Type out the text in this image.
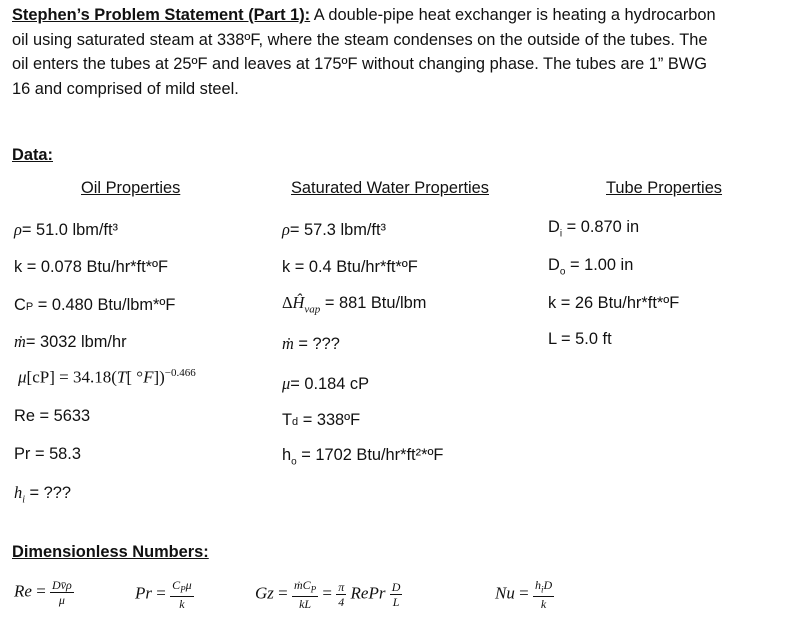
Stephen’s Problem Statement (Part 1): A double-pipe heat exchanger is heating a hydrocarbon
oil using saturated steam at 338ºF, where the steam condenses on the outside of the tubes. The
oil enters the tubes at 25ºF and leaves at 175ºF without changing phase. The tubes are 1” BWG
16 and comprised of mild steel.
Data:
Oil Properties
ρ= 51.0 lbm/ft³
k = 0.078 Btu/hr*ft*ºF
CP = 0.480 Btu/lbm*ºF
ṁ= 3032 lbm/hr
μ[cP] = 34.18(T[ °F])$^{-0.466}$
Re = 5633
Pr = 58.3
$h_i$ = ???
Saturated Water Properties
ρ= 57.3 lbm/ft³
k = 0.4 Btu/hr*ft*ºF
$\Delta Ĥ_{vap} = 881$ Btu/lbm
ṁ = ???
μ= 0.184 cP
Td = 338ºF
$h_o = 1702$ Btu/hr*ft²*ºF
Tube Properties
$D_i = 0.870$ in
$D_o = 1.00$ in
k = 26 Btu/hr*ft*ºF
L = 5.0 ft
Dimensionless Numbers:
$Re = \frac{Dv̄\rho}{\mu}$	$Pr = \frac{C_P\mu}{k}$	$Gz = \frac{ṁC_P}{kL} = \frac{\pi}{4}$ RePr $\frac{D}{L}$	$Nu = \frac{h_iD}{k}$
